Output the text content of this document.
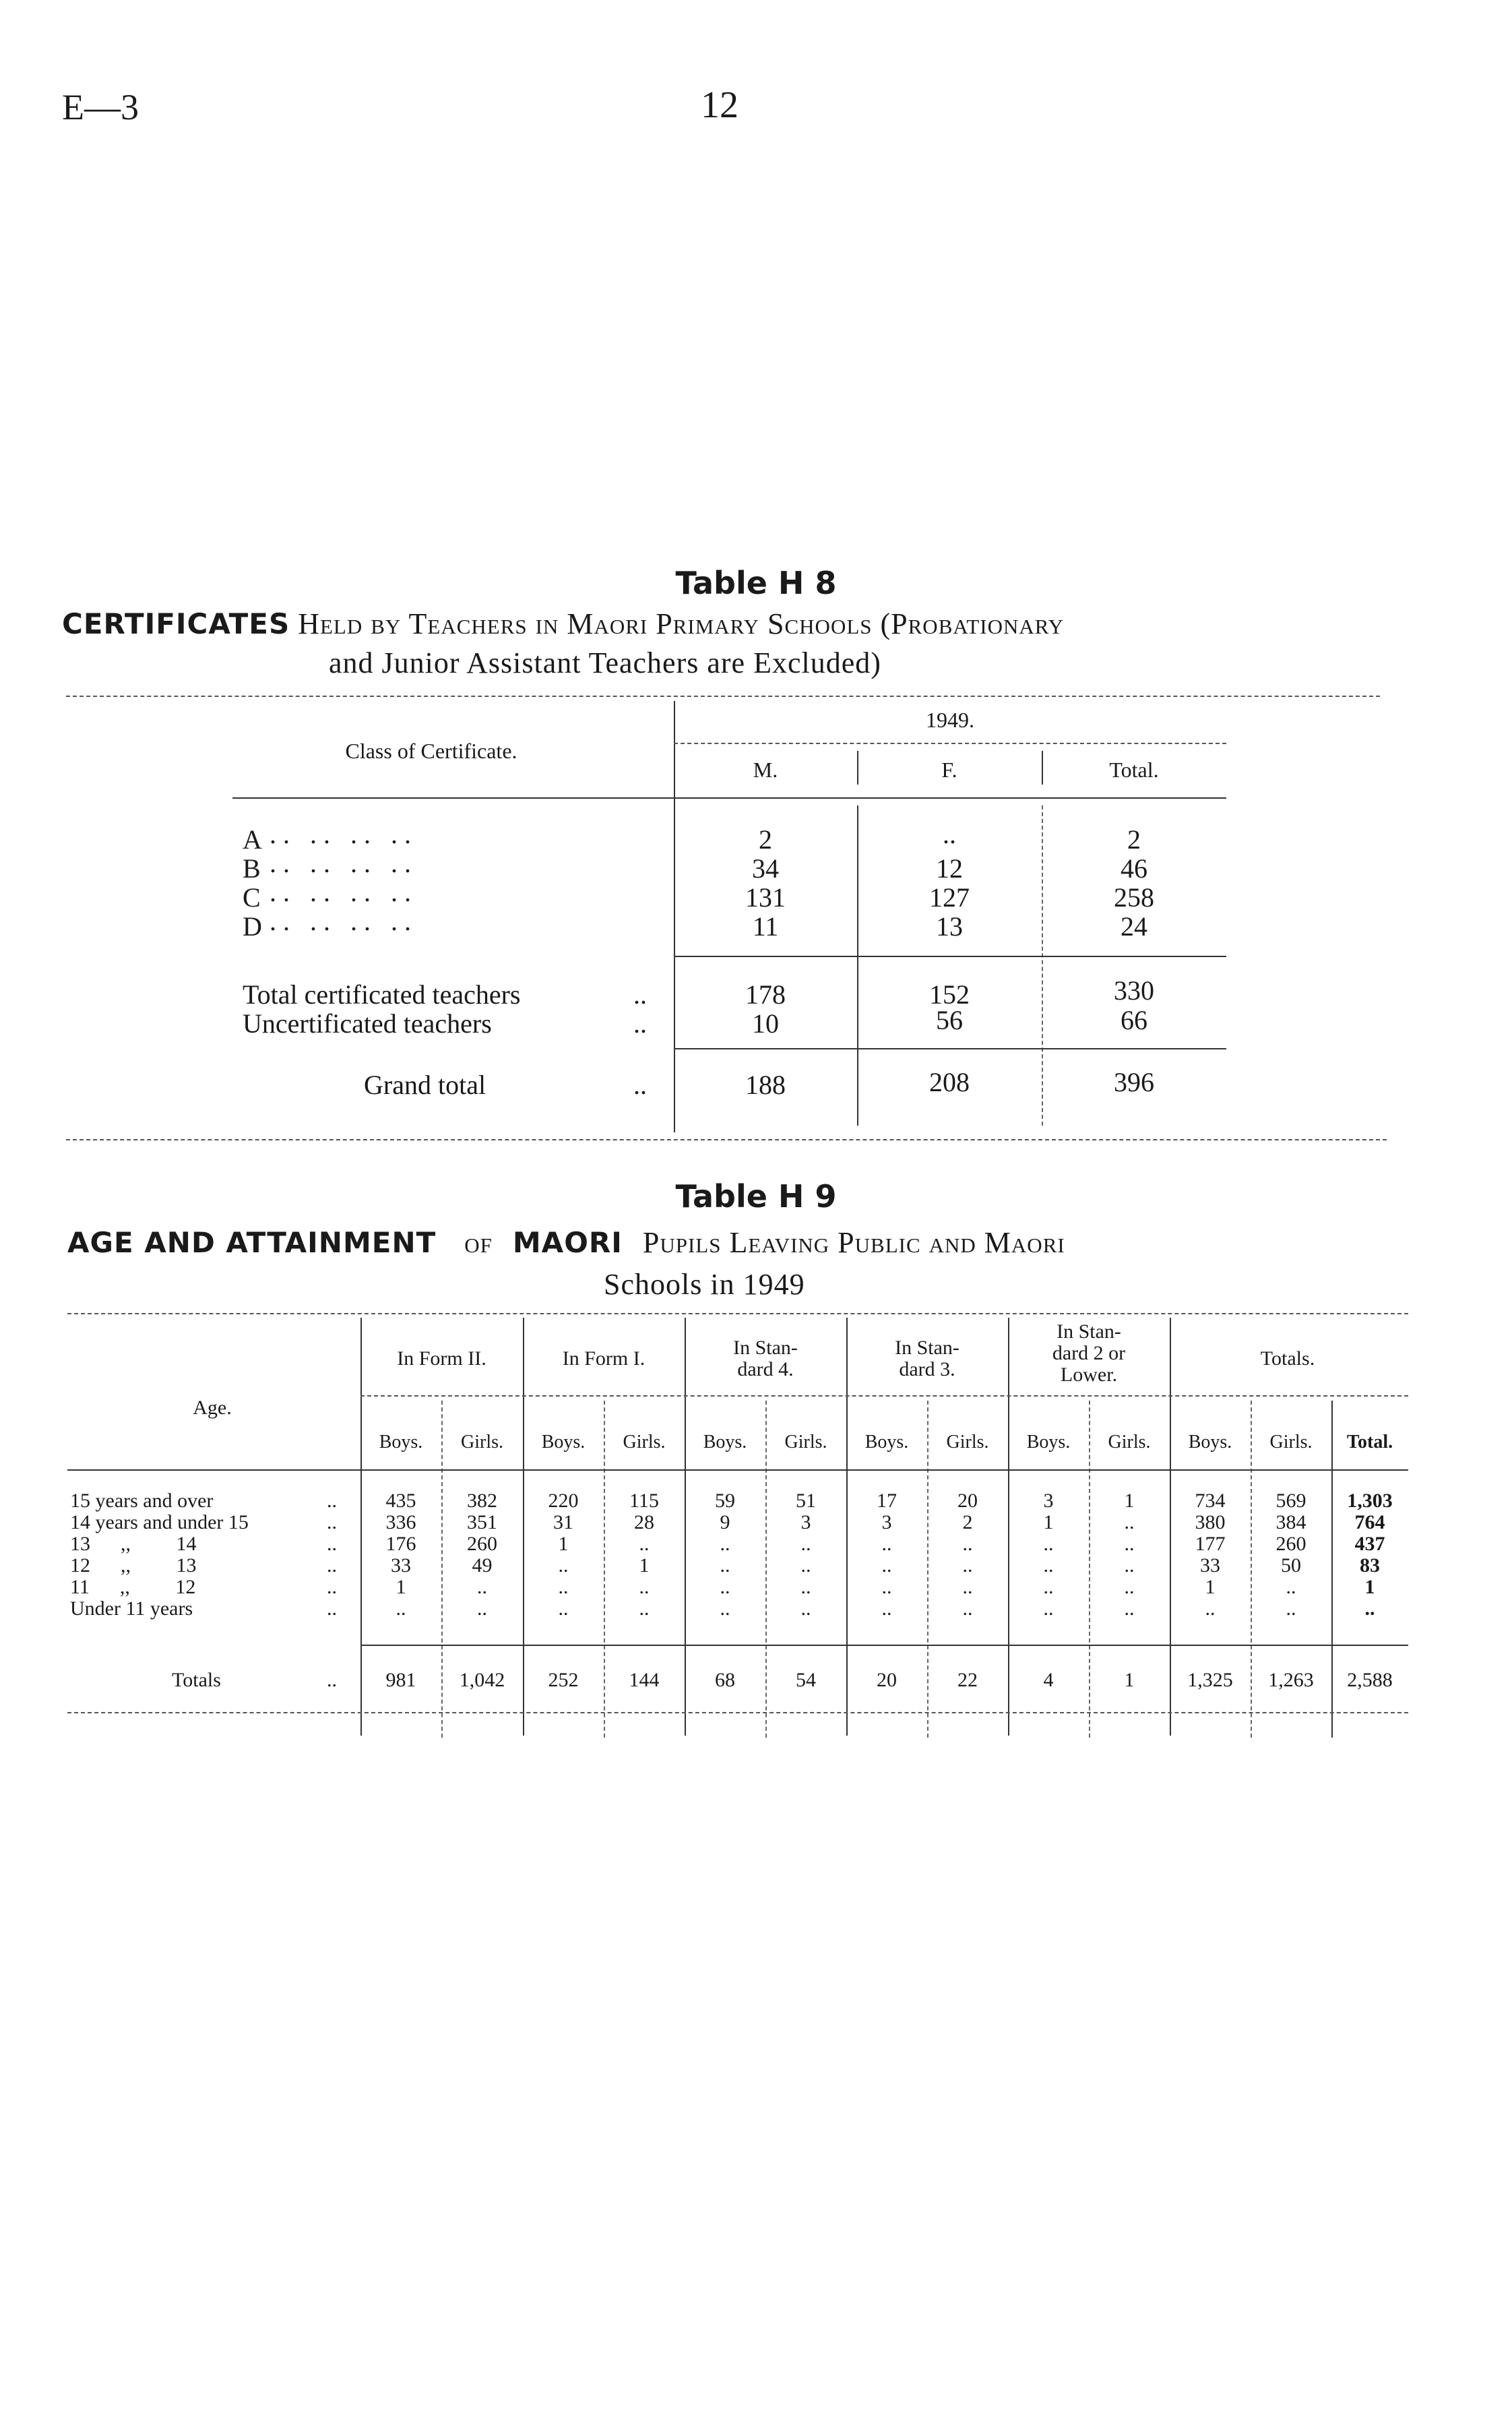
E—3	12
Table H 8
CERTIFICATES Held by Teachers in Maori Primary Schools (Probationary
and Junior Assistant Teachers are Excluded)
Class of Certificate.
1949.
M.	F.	Total.
A .. .. .. ..	2	..	2
B .. .. .. ..	34	12	46
C .. .. .. ..	131	127	258
D .. .. .. ..	11	13	24
Total certificated teachers	..	178	152	330
Uncertificated teachers	..	10	56	66
Grand total	..	188	208	396
Table H 9
AGE AND ATTAINMENT of MAORI Pupils Leaving Public and Maori
Schools in 1949
Age.
In Form II.	In Form I.	In Stan-
dard 4.
In Stan-
dard 3.
In Stan-
dard 2 or
Lower.
Totals.
Boys.	Girls.	Boys.	Girls.	Boys.	Girls.	Boys.	Girls.	Boys.	Girls.	Boys.	Girls.	Total.
15 years and over	..	435	382	220	115	59	51	17	20	3	1	734	569	1,303
14 years and under 15	..	336	351	31	28	9	3	3	2	1	..	380	384	764
13      ,,         14	..	176	260	1	..	..	..	..	..	..	..	177	260	437
12      ,,         13	..	33	49	..	1	..	..	..	..	..	..	33	50	83
11      ,,         12	..	1	..	..	..	..	..	..	..	..	..	1	..	1
Under 11 years	..	..	..	..	..	..	..	..	..	..	..	..	..	..
Totals	..	981	1,042	252	144	68	54	20	22	4	1	1,325	1,263	2,588
